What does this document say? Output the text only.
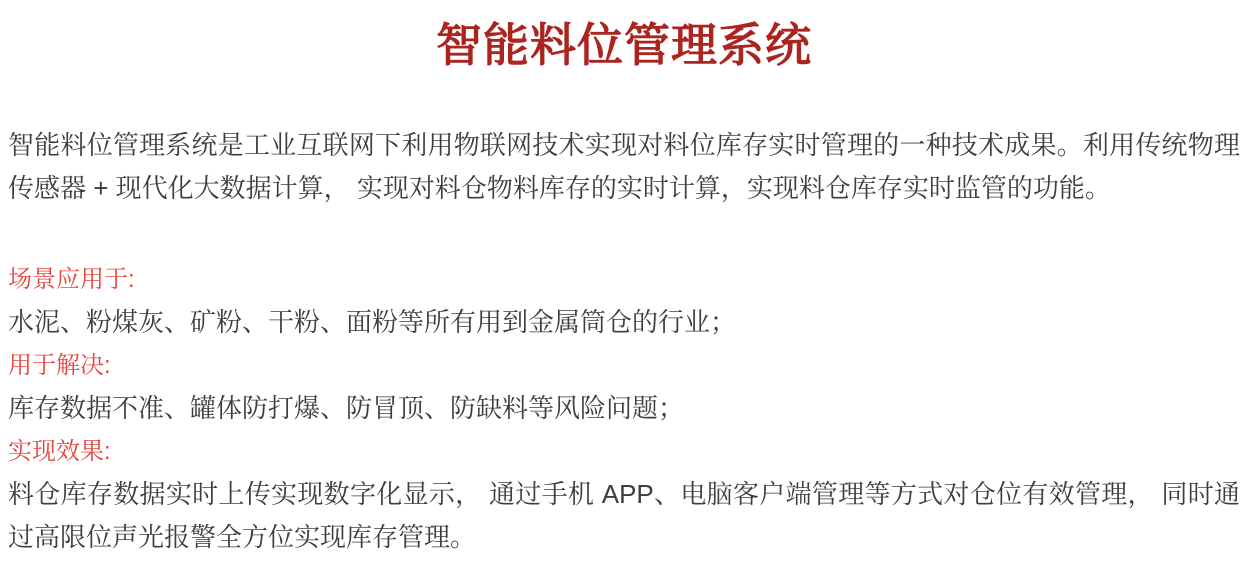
智能料位管理系统

智能料位管理系统是工业互联网下利用物联网技术实现对料位库存实时管理的一种技术成果。利用传统物理传感器 + 现代化大数据计算， 实现对料仓物料库存的实时计算，实现料仓库存实时监管的功能。

场景应用于:
水泥、粉煤灰、矿粉、干粉、面粉等所有用到金属筒仓的行业；
用于解决:
库存数据不准、罐体防打爆、防冒顶、防缺料等风险问题；
实现效果:
料仓库存数据实时上传实现数字化显示， 通过手机 APP、电脑客户端管理等方式对仓位有效管理， 同时通过高限位声光报警全方位实现库存管理。
